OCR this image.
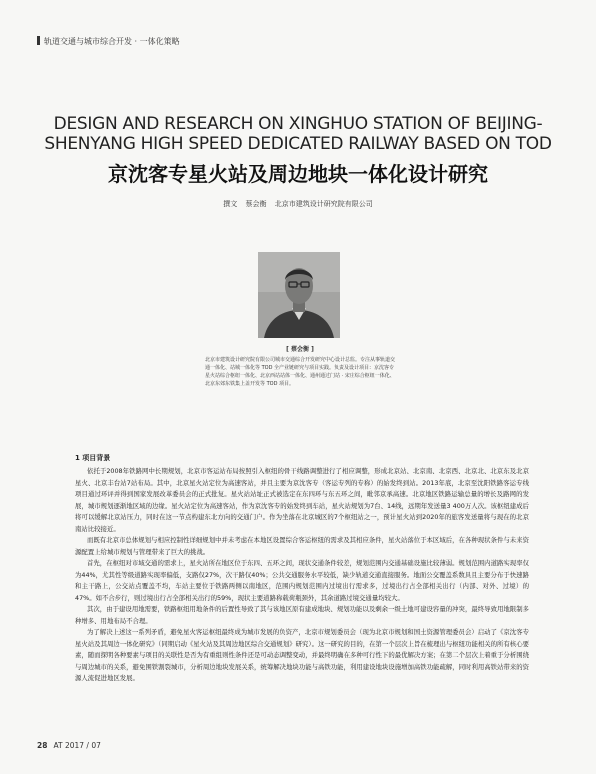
轨道交通与城市综合开发 · 一体化策略
DESIGN AND RESEARCH ON XINGHUO STATION OF BEIJING-
SHENYANG HIGH SPEED DEDICATED RAILWAY BASED ON TOD
京沈客专星火站及周边地块一体化设计研究
撰文 蔡会衡 北京市建筑设计研究院有限公司
[ 蔡会衡 ]
北京市建筑设计研究院有限公司城市交通综合开发研究中心设计总监。专注从事轨道交通一体化、站城一体化等 TOD 全产业链研究与项目实践。负责及设计项目：京沈客专星火站综合枢纽一体化、北京西站站体一体化、通州通过门站 · 宋庄综合枢纽一体化、北京东郊东铁集上盖开发等 TOD 项目。
1 项目背景

依托于2008年铁路网中长期规划，北京市客运站布局按照引入枢纽的骨干线路调整进行了相应调整，形成北京站、北京南、北京西、北京北、北京东及北京星火、北京丰台站7站布局。其中，北京星火站定位为高速客站，并且主要为京沈客专（客运专列的专称）的始发终到站。2013年底，北京至沈阳铁路客运专线项目通过环评并得到国家发展改革委员会的正式批复。星火站站址正式被选定在东四环与东五环之间，毗邻京承高速。北京地区铁路运输总量的增长及路网的发展，城市规划逐渐地区域的边缘。星火站定位为高速客站，作为京沈客专的始发终到车站，星火站规划为7台、14线，远期年发送量3 400万人次。该枢纽建成后将可以缓解北京站压力，同时在这一节点构建东北方向的交通门户。作为坐落在北京城区的7个枢纽站之一，预计星火站到2020年的旅客发送量将与现在的北京南站比较接近。

而既有北京市总体规划与相应控制性详细规划中并未考虑在本地区设置综合客运枢纽的需求及其相应条件，星火站落位于本区域后，在各种现状条件与未来资源配置上给城市规划与管理带来了巨大的挑战。

首先，在枢纽对市域交通的需求上，星火站所在地区位于东四、五环之间，现状交通条件较差，规划范围内交通基础设施比较薄弱。规划范围内道路实现率仅为44%，尤其性等级道路实现率偏低，支路仅27%，次干路仅40%；公共交通服务水平较低，缺少轨道交通直接服务。地面公交覆盖系数具且主要分布于快速路和主干路上，公交站点覆盖不均，车站主要位于铁路两侧以南地区，范围内规划范围内过境出行需求多，过境出行占全部相关出行（内部、对外、过境）的47%。如不合步行，则过境出行占全部相关出行的59%，现状主要道路称载荷瓶颈外，其余道路过境交通量均较大。

其次，由于建设用地需要，铁路枢纽用地条件的后置性导致了其与该地区原有建成地块、规划功能以及剩余一级土地可建设容量的冲突，最终导致用地限制多种增多、用地布局不合理。

为了解决上述这一系列矛盾，避免星火客运枢纽最终成为城市发展的负资产，北京市规划委员会（现为北京市规划和国土资源管理委员会）启动了《京沈客专星火站及其周边一体化研究》（同期启动《星火站及其周边地区综合交通规划》研究）。这一研究的目的，在第一个层次上旨在梳理出与枢纽功能相关的所有核心要素，随而探明各种要素与项目的关联性是否为有重组则性条件还是可动态调整变动，并最终明确在多种可行性下的最优解决方案；在第二个层次上着重于分析围绕与周边城市的关系，避免围铁割裂城市，分析周边地块发展关系，统筹解决地块功能与高铁功能，利用建设地块设施增加高铁功能疏解，同时利用高铁站带来的资源人流促进地区发展。

28 AT 2017 / 07
